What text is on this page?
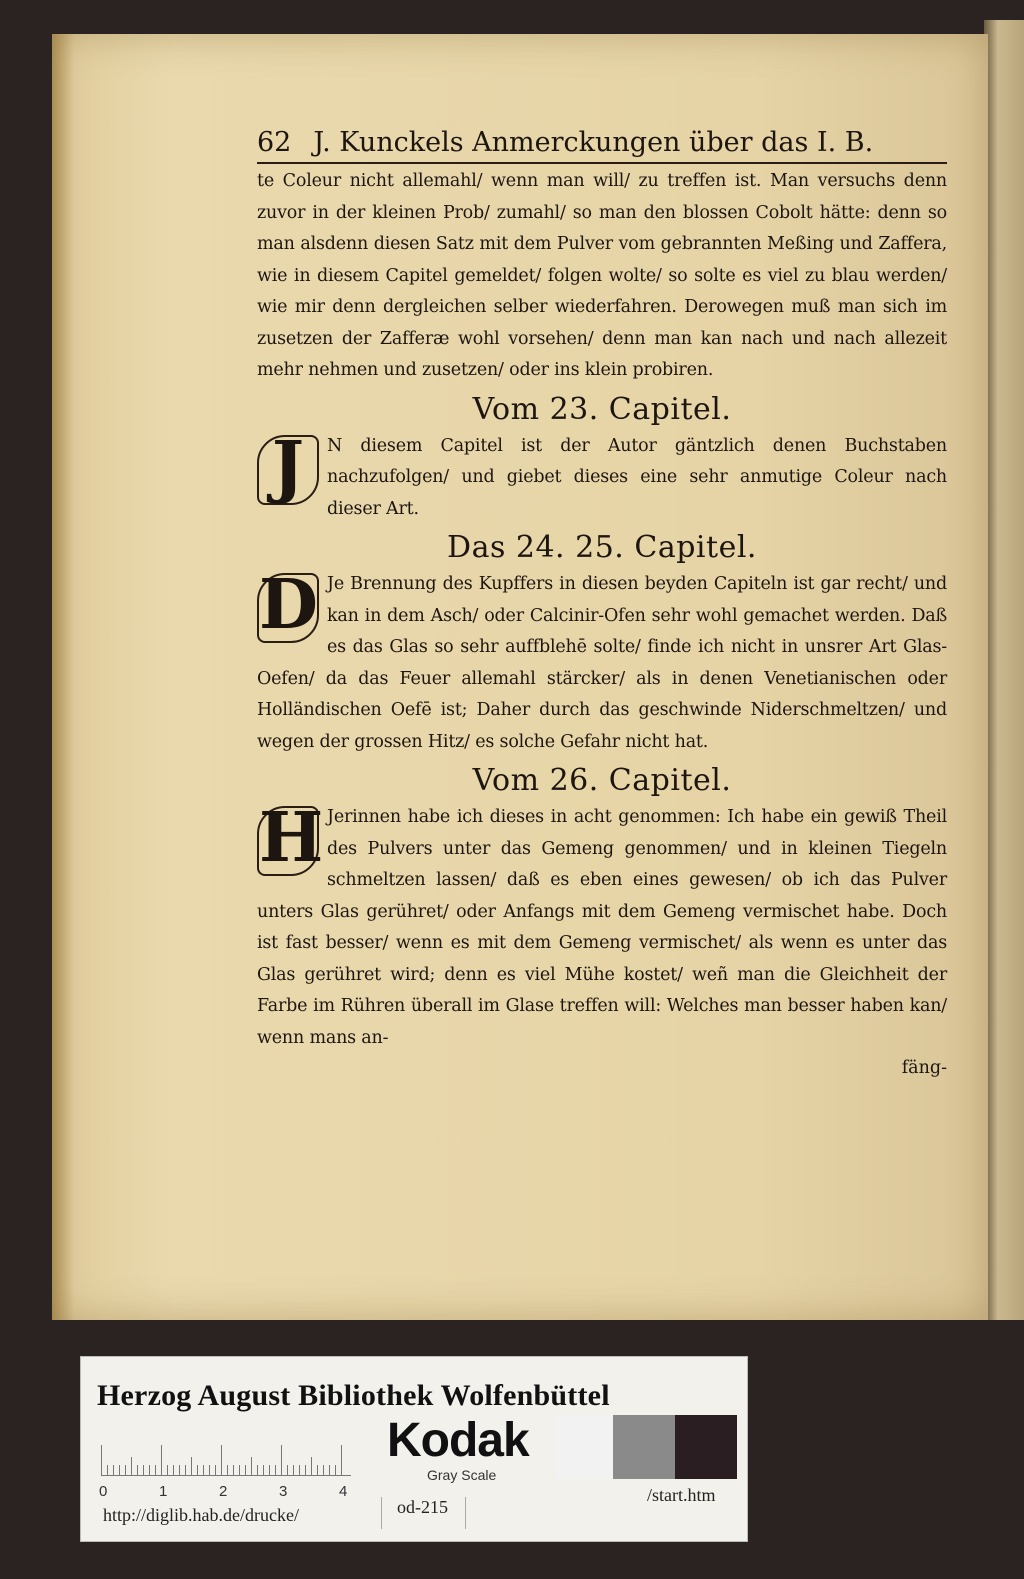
62 J. Kunckels Anmerckungen über das I. B.

te Coleur nicht allemahl/ wenn man will/ zu treffen ist. Man versuchs denn zuvor in der kleinen Prob/ zumahl/ so man den blossen Cobolt hätte: denn so man alsdenn diesen Satz mit dem Pulver vom gebrannten Meßing und Zaffera, wie in diesem Capitel gemeldet/ folgen wolte/ so solte es viel zu blau werden/ wie mir denn dergleichen selber wiederfahren. Derowegen muß man sich im zusetzen der Zafferæ wohl vorsehen/ denn man kan nach und nach allezeit mehr nehmen und zusetzen/ oder ins klein probiren.

Vom 23. Capitel.
J	N diesem Capitel ist der Autor gäntzlich denen Buchstaben nachzufolgen/ und giebet dieses eine sehr anmutige Coleur nach dieser Art.

Das 24. 25. Capitel.
D Je Brennung des Kupffers in diesen beyden Capiteln ist gar recht/ und kan in dem Asch/ oder Calcinir-Ofen sehr wohl gemachet werden. Daß es das Glas so sehr auffblehē solte/ finde ich nicht in unsrer Art Glas-Oefen/ da das Feuer allemahl stärcker/ als in denen Venetianischen oder Holländischen Oefē ist; Daher durch das geschwinde Niderschmeltzen/ und wegen der grossen Hitz/ es solche Gefahr nicht hat.

Vom 26. Capitel.
H Jerinnen habe ich dieses in acht genommen: Ich habe ein gewiß Theil des Pulvers unter das Gemeng genommen/ und in kleinen Tiegeln schmeltzen lassen/ daß es eben eines gewesen/ ob ich das Pulver unters Glas gerühret/ oder Anfangs mit dem Gemeng vermischet habe. Doch ist fast besser/ wenn es mit dem Gemeng vermischet/ als wenn es unter das Glas gerühret wird; denn es viel Mühe kostet/ weñ man die Gleichheit der Farbe im Rühren überall im Glase treffen will: Welches man besser haben kan/ wenn mans an-

fäng-
Herzog August Bibliothek Wolfenbüttel
0	1	2	3	4
Kodak
Gray Scale
http://diglib.hab.de/drucke/	od-215
/start.htm
